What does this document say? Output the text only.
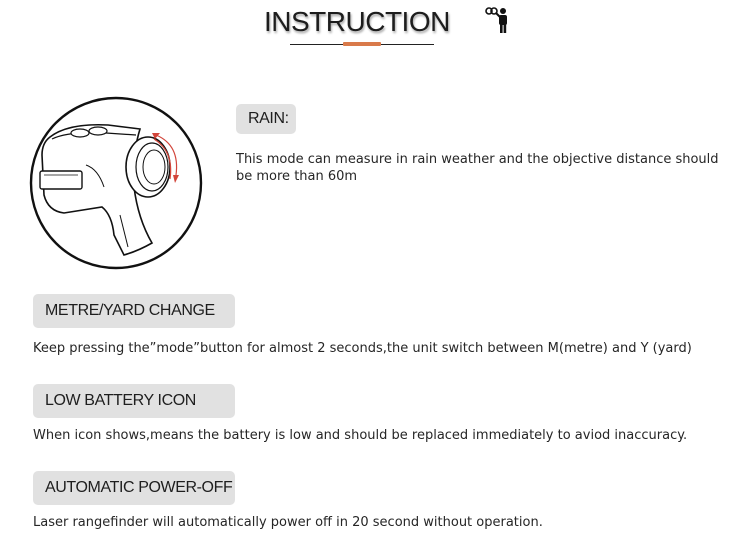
INSTRUCTION
RAIN:
This mode can measure in rain weather and the objective distance should be more than 60m
METRE/YARD CHANGE
Keep pressing the”mode”button for almost 2 seconds,the unit switch between M(metre) and Y (yard)
LOW BATTERY ICON
When icon shows,means the battery is low and should be replaced immediately to aviod inaccuracy.
AUTOMATIC POWER-OFF
Laser rangefinder will automatically power off in 20 second without operation.
